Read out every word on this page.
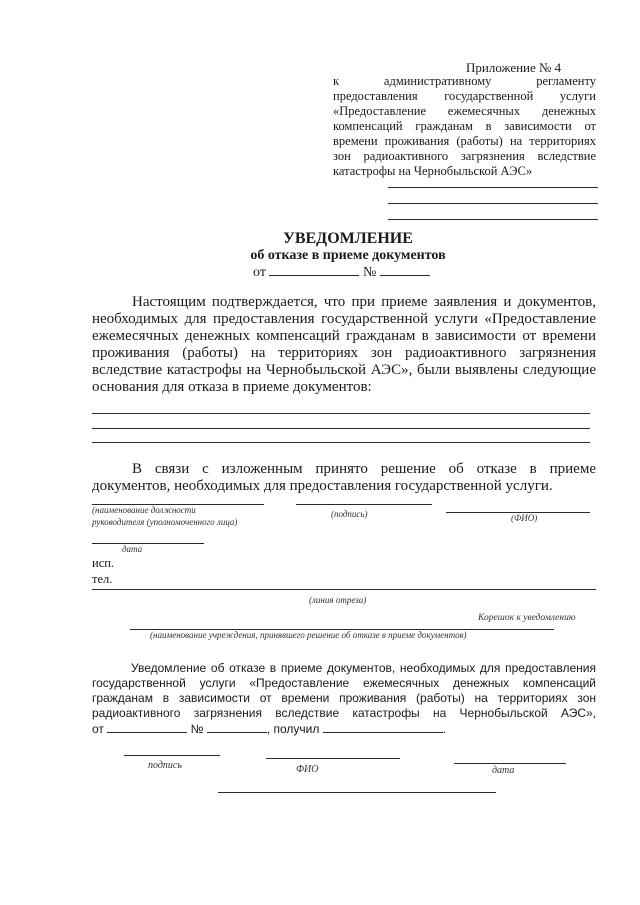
Приложение № 4
к административному регламенту
предоставления государственной услуги
«Предоставление ежемесячных денежных
компенсаций гражданам в зависимости от
времени проживания (работы) на территориях
зон радиоактивного загрязнения вследствие
катастрофы на Чернобыльской АЭС»
УВЕДОМЛЕНИЕ
об отказе в приеме документов
от	№
Настоящим подтверждается, что при приеме заявления и документов,
необходимых для предоставления государственной услуги «Предоставление
ежемесячных денежных компенсаций гражданам в зависимости от времени
проживания (работы) на территориях зон радиоактивного загрязнения
вследствие катастрофы на Чернобыльской АЭС», были выявлены следующие
основания для отказа в приеме документов:
В связи с изложенным принято решение об отказе в приеме
документов, необходимых для предоставления государственной услуги.
(наименование должности
руководителя (уполномоченного лица)
(подпись)	(ФИО)
дата
исп.
тел.
(линия отреза)
Корешок к уведомлению
(наименование учреждения, принявшего решение об отказе в приеме документов)
Уведомление об отказе в приеме документов, необходимых для предоставления
государственной услуги «Предоставление ежемесячных денежных компенсаций
гражданам в зависимости от времени проживания (работы) на территориях зон
радиоактивного загрязнения вследствие катастрофы на Чернобыльской АЭС»,
от	№	, получил	.
подпись	ФИО	дата
